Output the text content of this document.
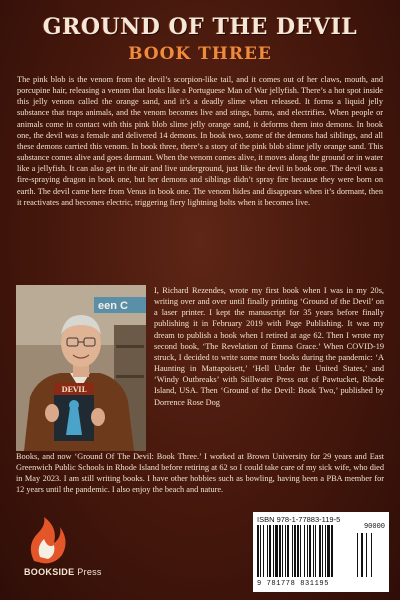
GROUND OF THE DEVIL
BOOK THREE

The pink blob is the venom from the devil’s scorpion-like tail, and it comes out of her claws, mouth, and porcupine hair, releasing a venom that looks like a Portuguese Man of War jellyfish. There’s a hot spot inside this jelly venom called the orange sand, and it’s a deadly slime when released. It forms a liquid jelly substance that traps animals, and the venom becomes live and stings, burns, and electrifies. When people or animals come in contact with this pink blob slime jelly orange sand, it deforms them into demons. In book one, the devil was a female and delivered 14 demons. In book two, some of the demons had siblings, and all these demons carried this venom. In book three, there’s a story of the pink blob slime jelly orange sand. This substance comes alive and goes dormant. When the venom comes alive, it moves along the ground or in water like a jellyfish. It can also get in the air and live underground, just like the devil in book one. The devil was a fire-spraying dragon in book one, but her demons and siblings didn’t spray fire because they were born on earth. The devil came here from Venus in book one. The venom hides and disappears when it’s dormant, then it reactivates and becomes electric, triggering fiery lightning bolts when it becomes live.

een C
DEVIL

I, Richard Rezendes, wrote my first book when I was in my 20s, writing over and over until finally printing ‘Ground of the Devil’ on a laser printer. I kept the manuscript for 35 years before finally publishing it in February 2019 with Page Publishing. It was my dream to publish a book when I retired at age 62. Then I wrote my second book, ‘The Revelation of Emma Grace.’ When COVID-19 struck, I decided to write some more books during the pandemic: ‘A Haunting in Mattapoisett,’ ‘Hell Under the United States,’ and ‘Windy Outbreaks’ with Stillwater Press out of Pawtucket, Rhode Island, USA. Then ‘Ground of the Devil: Book Two,’ published by Dorrence Rose Dog

Books, and now ‘Ground Of The Devil: Book Three.’ I worked at Brown University for 29 years and East Greenwich Public Schools in Rhode Island before retiring at 62 so I could take care of my sick wife, who died in May 2023. I am still writing books. I have other hobbies such as bowling, having been a PBA member for 12 years until the pandemic. I also enjoy the beach and nature.

BOOKSIDE Press
ISBN 978-1-77883-119-5
90000
9 781778 831195
